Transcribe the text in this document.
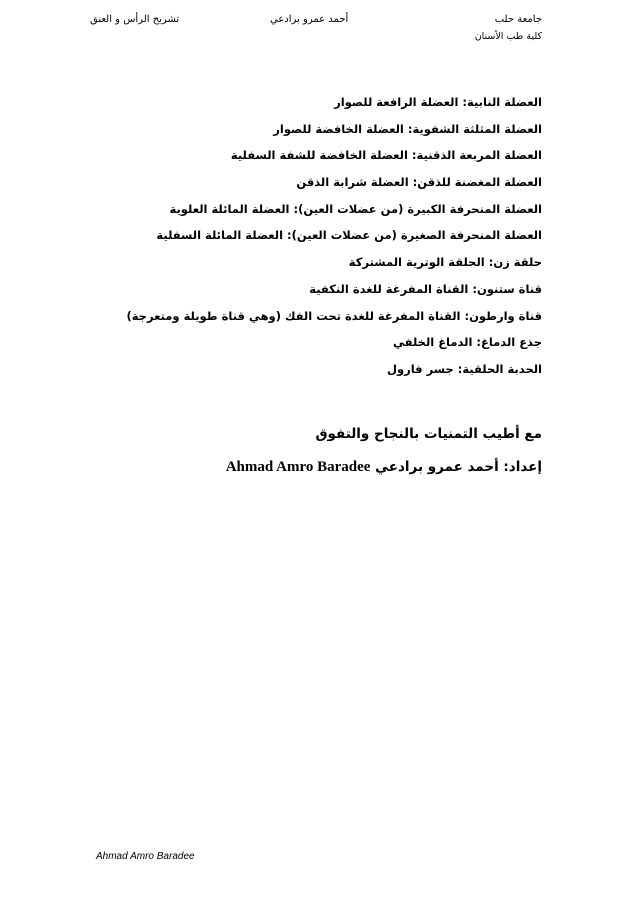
جامعة حلب
كلية طب الأسنان
أحمد عمرو برادعي
تشريح الرأس و العنق
العضلة النابية: العضلة الرافعة للصوار
العضلة المثلثة الشفوية: العضلة الخافضة للصوار
العضلة المربعة الذقنية: العضلة الخافضة للشفة السفلية
العضلة المغضنة للذقن: العضلة شرابة الذقن
العضلة المنحرفة الكبيرة (من عضلات العين): العضلة المائلة العلوية
العضلة المنحرفة الصغيرة (من عضلات العين): العضلة المائلة السفلية
حلقة زن: الحلقة الوترية المشتركة
قناة ستنون: القناة المفرغة للغدة النكفية
قناة وارطون: القناة المفرغة للغدة تحت الفك (وهي قناة طويلة ومتعرجة)
جذع الدماغ: الدماغ الخلفي
الحدبة الحلقية: جسر فارول
مع أطيب التمنيات بالنجاح والتفوق
إعداد: أحمد عمرو برادعي Ahmad Amro Baradee
Ahmad Amro Baradee
